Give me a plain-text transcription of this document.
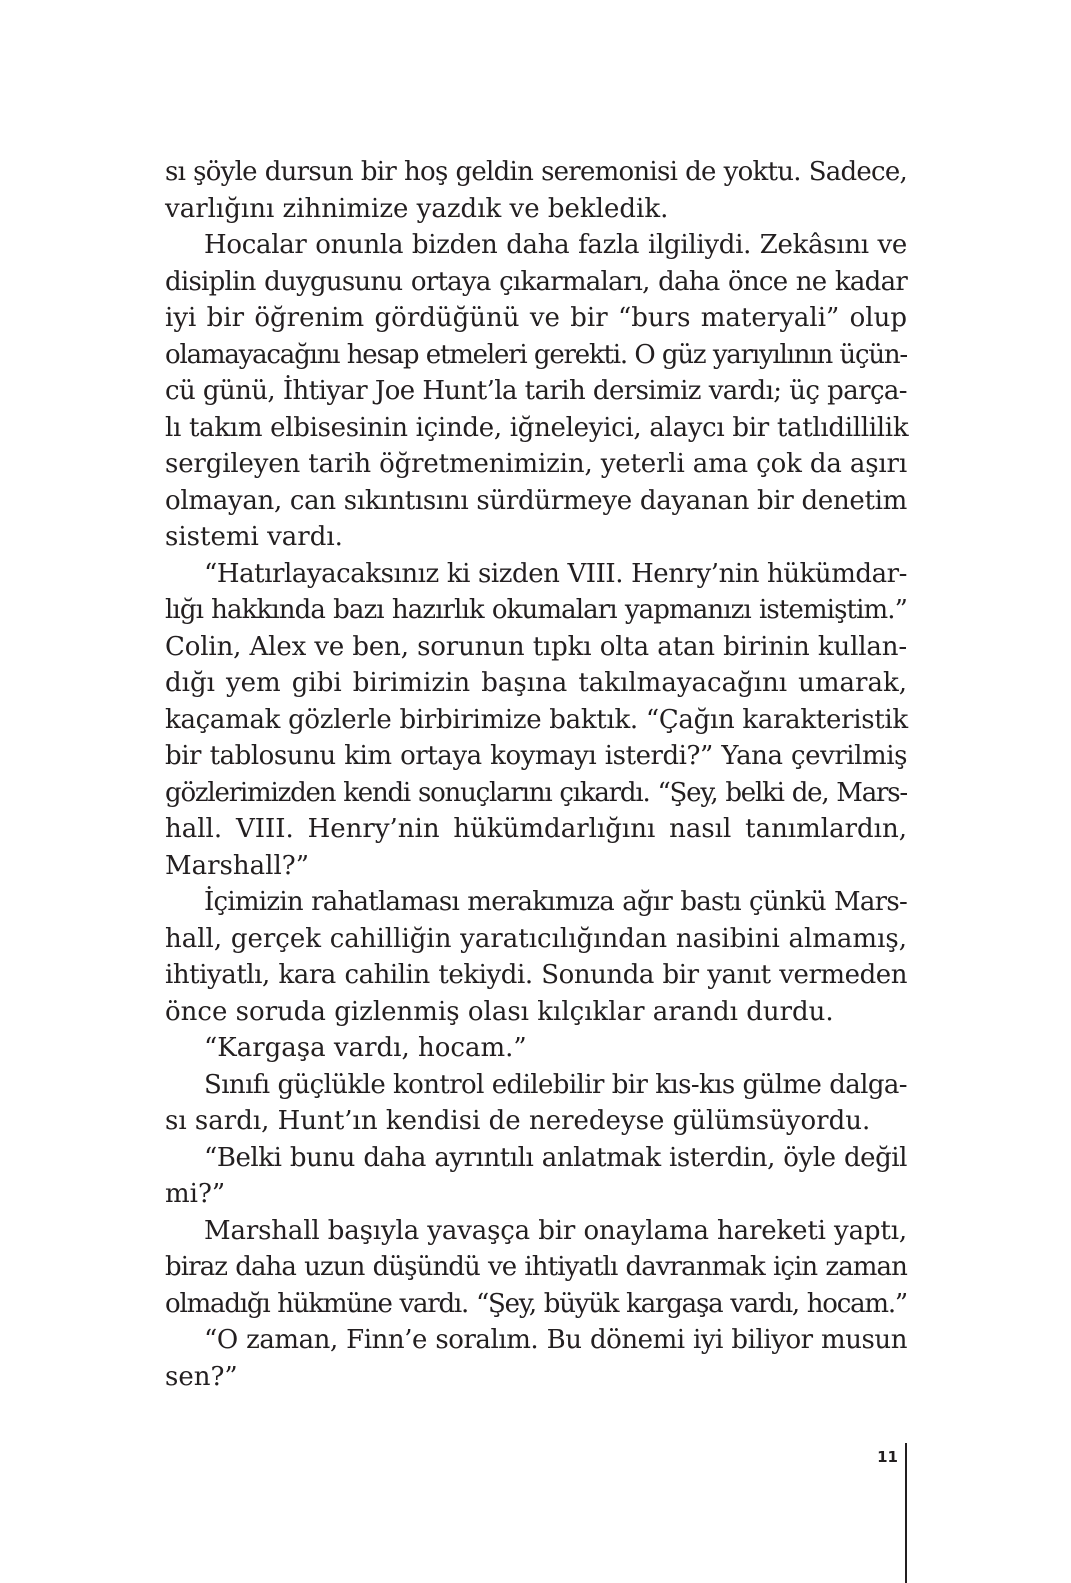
sı şöyle dursun bir hoş geldin seremonisi de yoktu. Sadece,
varlığını zihnimize yazdık ve bekledik.
Hocalar onunla bizden daha fazla ilgiliydi. Zekâsını ve
disiplin duygusunu ortaya çıkarmaları, daha önce ne kadar
iyi bir öğrenim gördüğünü ve bir “burs materyali” olup
olamayacağını hesap etmeleri gerekti. O güz yarıyılının üçün-
cü günü, İhtiyar Joe Hunt’la tarih dersimiz vardı; üç parça-
lı takım elbisesinin içinde, iğneleyici, alaycı bir tatlıdillilik
sergileyen tarih öğretmenimizin, yeterli ama çok da aşırı
olmayan, can sıkıntısını sürdürmeye dayanan bir denetim
sistemi vardı.
“Hatırlayacaksınız ki sizden VIII. Henry’nin hükümdar-
lığı hakkında bazı hazırlık okumaları yapmanızı istemiştim.”
Colin, Alex ve ben, sorunun tıpkı olta atan birinin kullan-
dığı yem gibi birimizin başına takılmayacağını umarak,
kaçamak gözlerle birbirimize baktık. “Çağın karakteristik
bir tablosunu kim ortaya koymayı isterdi?” Yana çevrilmiş
gözlerimizden kendi sonuçlarını çıkardı. “Şey, belki de, Mars-
hall. VIII. Henry’nin hükümdarlığını nasıl tanımlardın,
Marshall?”
İçimizin rahatlaması merakımıza ağır bastı çünkü Mars-
hall, gerçek cahilliğin yaratıcılığından nasibini almamış,
ihtiyatlı, kara cahilin tekiydi. Sonunda bir yanıt vermeden
önce soruda gizlenmiş olası kılçıklar arandı durdu.
“Kargaşa vardı, hocam.”
Sınıfı güçlükle kontrol edilebilir bir kıs-kıs gülme dalga-
sı sardı, Hunt’ın kendisi de neredeyse gülümsüyordu.
“Belki bunu daha ayrıntılı anlatmak isterdin, öyle değil
mi?”
Marshall başıyla yavaşça bir onaylama hareketi yaptı,
biraz daha uzun düşündü ve ihtiyatlı davranmak için zaman
olmadığı hükmüne vardı. “Şey, büyük kargaşa vardı, hocam.”
“O zaman, Finn’e soralım. Bu dönemi iyi biliyor musun
sen?”
11
